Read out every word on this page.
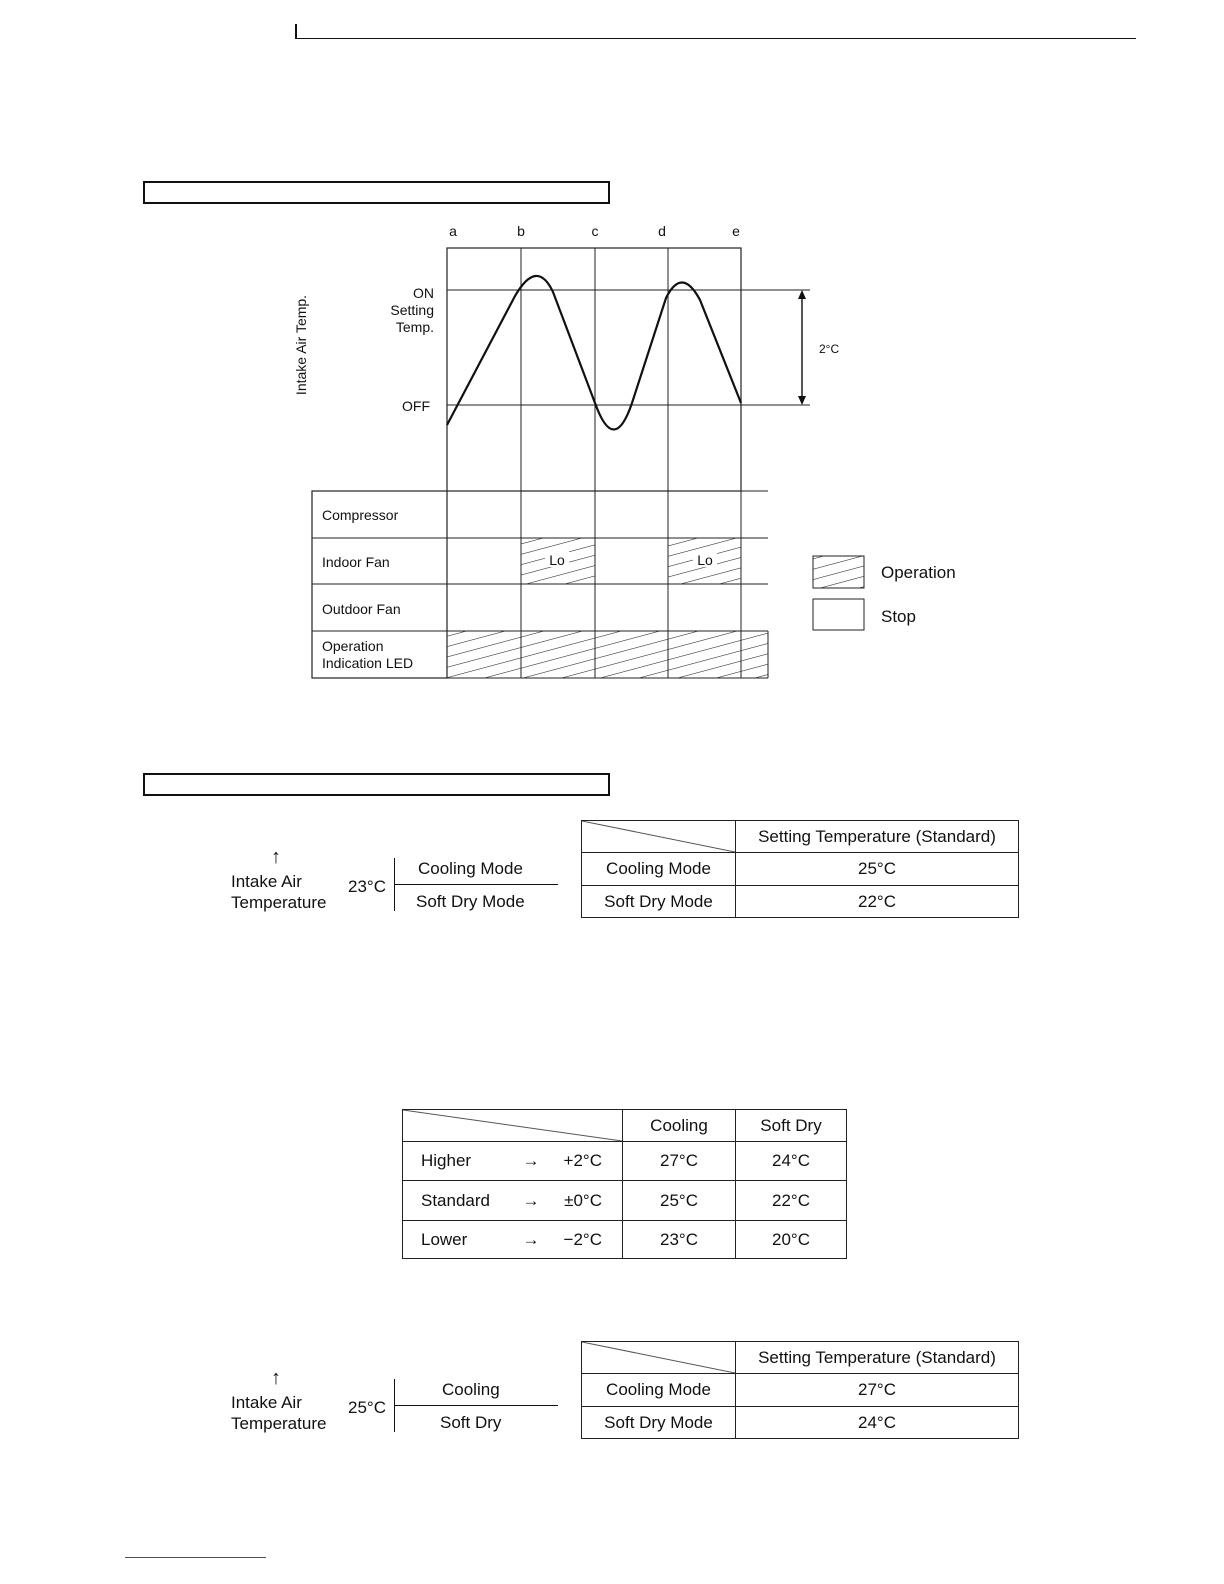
a	b	c	d	e
Intake Air Temp.
ON
Setting
Temp.
OFF
2°C
Lo	Lo
Compressor
Indoor Fan
Outdoor Fan
Operation
Indication LED
Operation
Stop
↑
Intake Air
Temperature
23°C
Cooling Mode
Soft Dry Mode
	Setting Temperature (Standard)
Cooling Mode	25°C
Soft Dry Mode	22°C
	Cooling	Soft Dry

Higher → +2°C	27°C	24°C

Standard → ±0°C	25°C	22°C

Lower → −2°C	23°C	20°C
↑
Intake Air
Temperature
25°C
Cooling
Soft Dry
	Setting Temperature (Standard)
Cooling Mode	27°C
Soft Dry Mode	24°C
